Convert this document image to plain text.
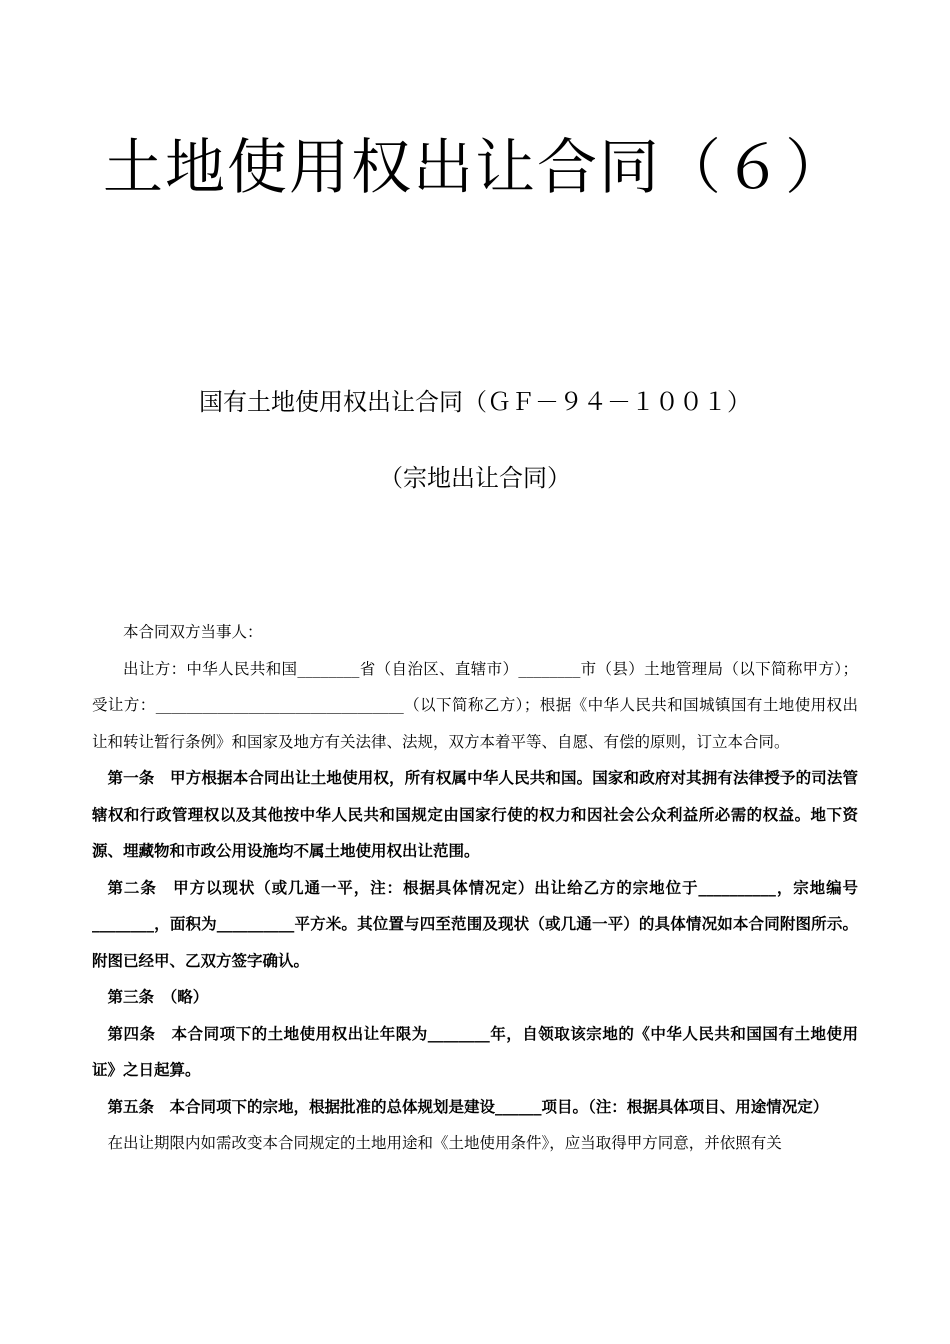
土地使用权出让合同（６）
国有土地使用权出让合同（ＧＦ－９４－１００１）
（宗地出让合同）

本合同双方当事人：

出让方：中华人民共和国________省（自治区、直辖市）________市（县）土地管理局（以下简称甲方）；受让方：________________________________（以下简称乙方）；根据《中华人民共和国城镇国有土地使用权出让和转让暂行条例》和国家及地方有关法律、法规，双方本着平等、自愿、有偿的原则，订立本合同。

第一条　甲方根据本合同出让土地使用权，所有权属中华人民共和国。国家和政府对其拥有法律授予的司法管辖权和行政管理权以及其他按中华人民共和国规定由国家行使的权力和因社会公众利益所必需的权益。地下资源、埋藏物和市政公用设施均不属土地使用权出让范围。

第二条　甲方以现状（或几通一平，注：根据具体情况定）出让给乙方的宗地位于__________，宗地编号________，面积为__________平方米。其位置与四至范围及现状（或几通一平）的具体情况如本合同附图所示。附图已经甲、乙双方签字确认。

第三条　（略）

第四条　本合同项下的土地使用权出让年限为________年，自领取该宗地的《中华人民共和国国有土地使用证》之日起算。

第五条　本合同项下的宗地，根据批准的总体规划是建设______项目。（注：根据具体项目、用途情况定）

在出让期限内如需改变本合同规定的土地用途和《土地使用条件》，应当取得甲方同意，并依照有关
